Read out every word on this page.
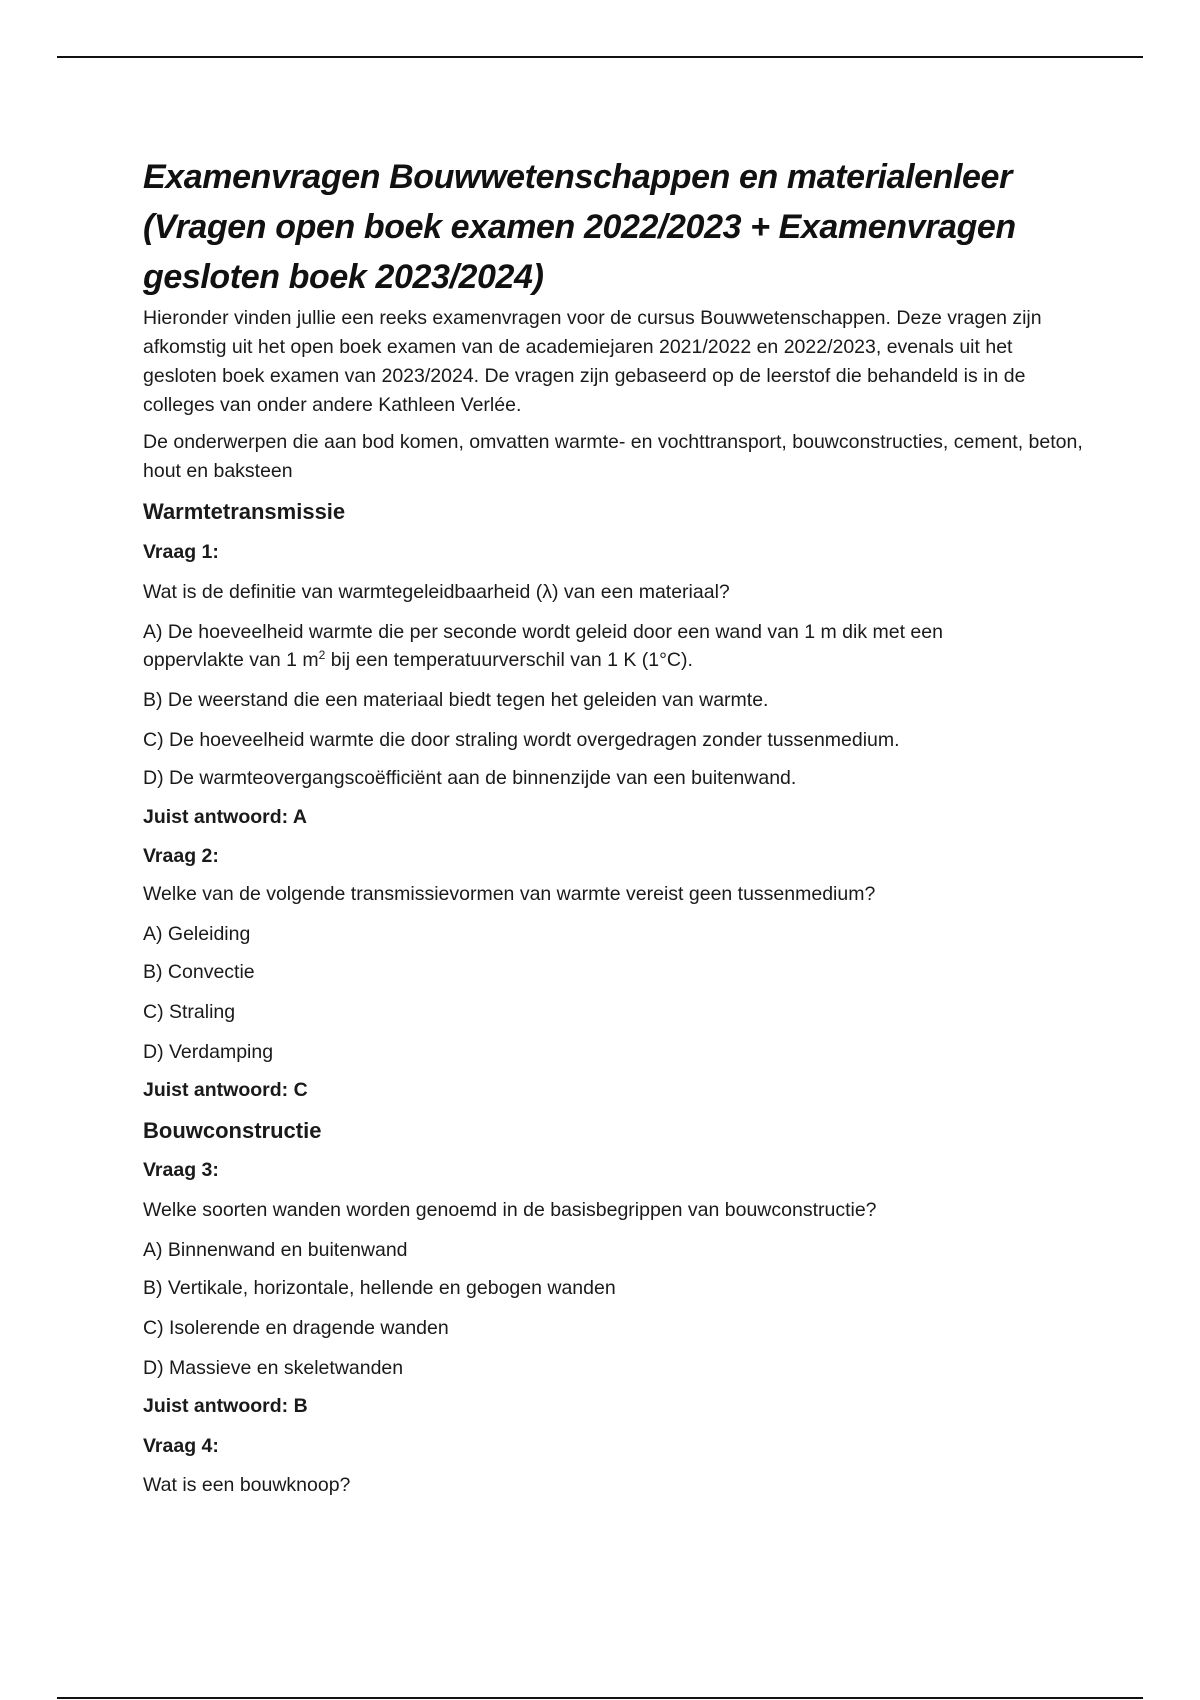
Examenvragen Bouwwetenschappen en materialenleer
(Vragen open boek examen 2022/2023 + Examenvragen
gesloten boek 2023/2024)

Hieronder vinden jullie een reeks examenvragen voor de cursus Bouwwetenschappen. Deze vragen zijn afkomstig uit het open boek examen van de academiejaren 2021/2022 en 2022/2023, evenals uit het gesloten boek examen van 2023/2024. De vragen zijn gebaseerd op de leerstof die behandeld is in de colleges van onder andere Kathleen Verlée.

De onderwerpen die aan bod komen, omvatten warmte- en vochttransport, bouwconstructies, cement, beton, hout en baksteen

Warmtetransmissie

Vraag 1:

Wat is de definitie van warmtegeleidbaarheid (λ) van een materiaal?

A) De hoeveelheid warmte die per seconde wordt geleid door een wand van 1 m dik met een

oppervlakte van 1 $m^2$ bij een temperatuurverschil van 1 K (1°C).

B) De weerstand die een materiaal biedt tegen het geleiden van warmte.

C) De hoeveelheid warmte die door straling wordt overgedragen zonder tussenmedium.

D) De warmteovergangscoëfficiënt aan de binnenzijde van een buitenwand.

Juist antwoord: A

Vraag 2:

Welke van de volgende transmissievormen van warmte vereist geen tussenmedium?

A) Geleiding

B) Convectie

C) Straling

D) Verdamping

Juist antwoord: C

Bouwconstructie

Vraag 3:

Welke soorten wanden worden genoemd in de basisbegrippen van bouwconstructie?

A) Binnenwand en buitenwand

B) Vertikale, horizontale, hellende en gebogen wanden

C) Isolerende en dragende wanden

D) Massieve en skeletwanden

Juist antwoord: B

Vraag 4:

Wat is een bouwknoop?
